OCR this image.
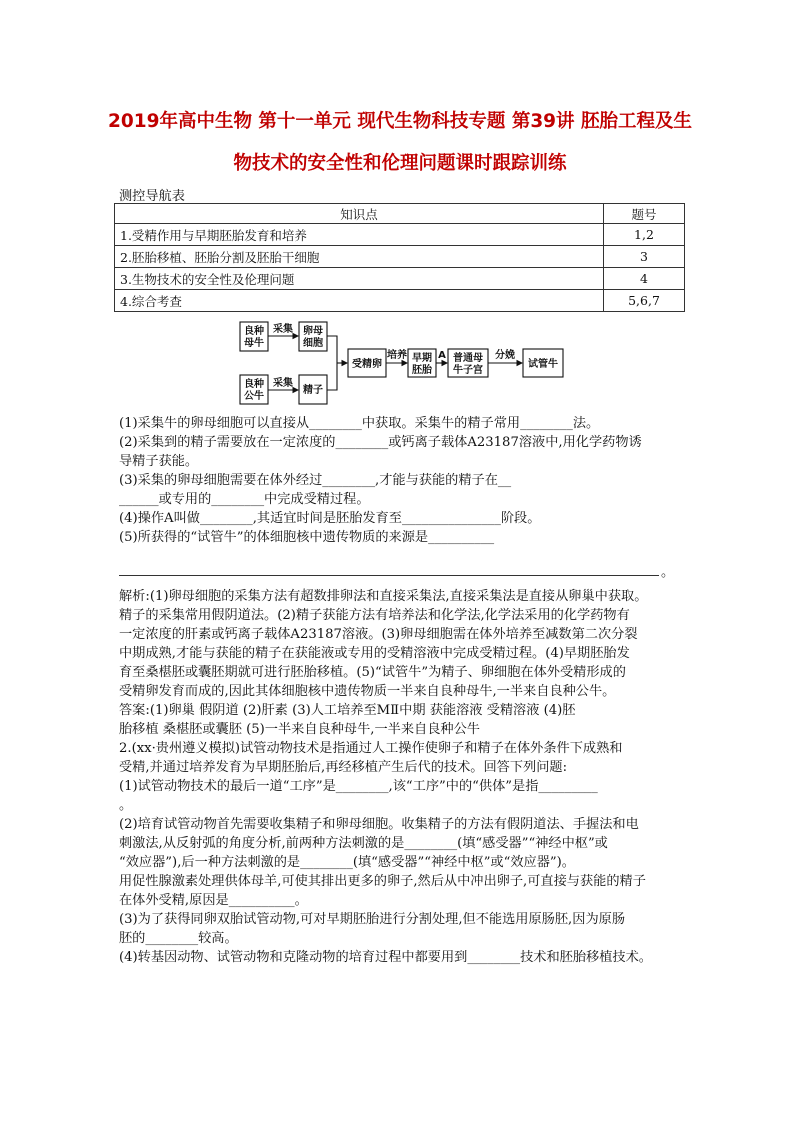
2019年高中生物 第十一单元 现代生物科技专题 第39讲 胚胎工程及生
物技术的安全性和伦理问题课时跟踪训练
测控导航表
知识点	题号
1.受精作用与早期胚胎发育和培养	1,2
2.胚胎移植、胚胎分割及胚胎干细胞	3
3.生物技术的安全性及伦理问题	4
4.综合考查	5,6,7
良种
母牛
良种
公牛
采集
采集
卵母
细胞
精子
受精卵
培养 早期
胚胎
A 普通母
牛子宫
分娩
试管牛
(1)采集牛的卵母细胞可以直接从________中获取。采集牛的精子常用________法。
(2)采集到的精子需要放在一定浓度的________或钙离子载体A23187溶液中,用化学药物诱
导精子获能。
(3)采集的卵母细胞需要在体外经过________,才能与获能的精子在__
______或专用的________中完成受精过程。
(4)操作A叫做________,其适宜时间是胚胎发育至_______________阶段。
(5)所获得的“试管牛”的体细胞核中遗传物质的来源是__________
。
解析:(1)卵母细胞的采集方法有超数排卵法和直接采集法,直接采集法是直接从卵巢中获取。
精子的采集常用假阴道法。(2)精子获能方法有培养法和化学法,化学法采用的化学药物有
一定浓度的肝素或钙离子载体A23187溶液。(3)卵母细胞需在体外培养至减数第二次分裂
中期成熟,才能与获能的精子在获能液或专用的受精溶液中完成受精过程。(4)早期胚胎发
育至桑椹胚或囊胚期就可进行胚胎移植。(5)“试管牛”为精子、卵细胞在体外受精形成的
受精卵发育而成的,因此其体细胞核中遗传物质一半来自良种母牛,一半来自良种公牛。
答案:(1)卵巢 假阴道 (2)肝素 (3)人工培养至MⅡ中期 获能溶液 受精溶液 (4)胚
胎移植 桑椹胚或囊胚 (5)一半来自良种母牛,一半来自良种公牛
2.(xx·贵州遵义模拟)试管动物技术是指通过人工操作使卵子和精子在体外条件下成熟和
受精,并通过培养发育为早期胚胎后,再经移植产生后代的技术。回答下列问题:
(1)试管动物技术的最后一道“工序”是________,该“工序”中的“供体”是指_________
。
(2)培育试管动物首先需要收集精子和卵母细胞。收集精子的方法有假阴道法、手握法和电
刺激法,从反射弧的角度分析,前两种方法刺激的是________(填“感受器”“神经中枢”或
“效应器”),后一种方法刺激的是________(填“感受器”“神经中枢”或“效应器”)。
用促性腺激素处理供体母羊,可使其排出更多的卵子,然后从中冲出卵子,可直接与获能的精子
在体外受精,原因是__________。
(3)为了获得同卵双胎试管动物,可对早期胚胎进行分割处理,但不能选用原肠胚,因为原肠
胚的________较高。
(4)转基因动物、试管动物和克隆动物的培育过程中都要用到________技术和胚胎移植技术。
